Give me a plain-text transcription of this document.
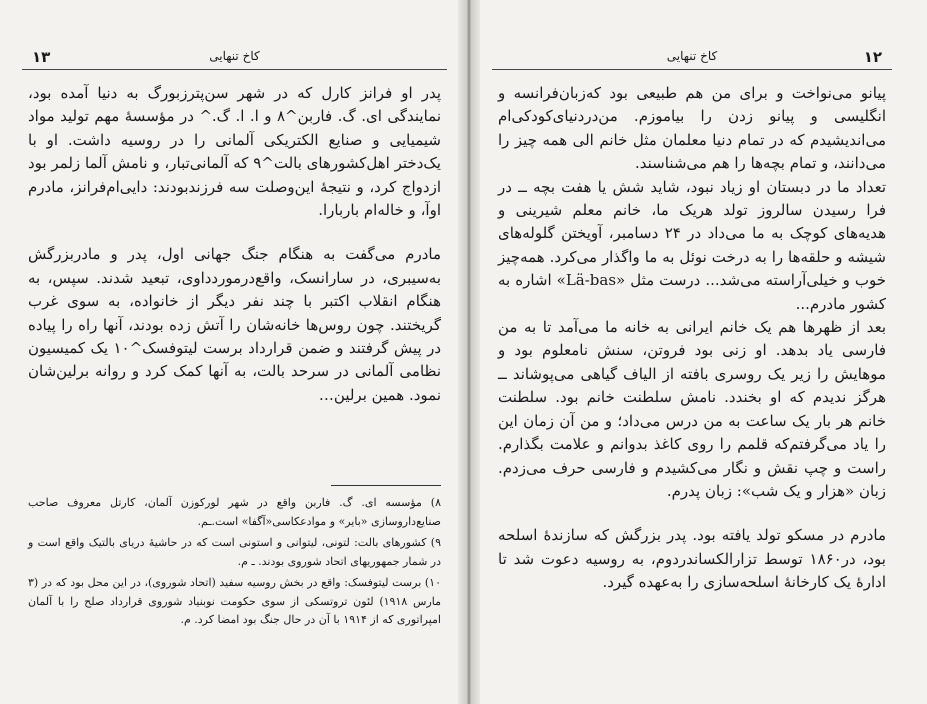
۱۳	کاخ تنهایی

پدر او فرانز کارل که در شهر سن‌پترزبورگ به دنیا آمده بود، نمایندگی ای. گ. فاربن^۸ و ا. ا. گ.^ در مؤسسهٔ مهم تولید مواد شیمیایی و صنایع الکتریکی آلمانی را در روسیه داشت. او با یک‌دختر اهل‌کشورهای بالت^۹ که آلمانی‌تبار، و نامش آلما زلمر بود ازدواج کرد، و نتیجهٔ این‌وصلت سه فرزندبودند: دایی‌ام‌فرانز، مادرم اوآ، و خاله‌ام باربارا.

مادرم می‌گفت به هنگام جنگ جهانی اول، پدر و مادربزرگش به‌سیبری، در سارانسک، واقع‌درموردداوی، تبعید شدند. سپس، به هنگام انقلاب اکتبر با چند نفر دیگر از خانواده، به سوی غرب گریختند. چون روس‌ها خانه‌شان را آتش زده بودند، آنها راه را پیاده در پیش گرفتند و ضمن قرارداد برست لیتوفسک^۱۰ یک کمیسیون نظامی آلمانی در سرحد بالت، به آنها کمک کرد و روانه برلین‌شان نمود. همین برلین…

۸) مؤسسه ای. گ. فاربن واقع در شهر لورکوزن آلمان، کارتل معروف صاحب صنایع‌داروسازی «بایر» و موادعکاسی«آگفا» است.ـم.

۹) کشورهای بالت: لتونی، لیتوانی و استونی است که در حاشیهٔ دریای بالتیک واقع است و در شمار جمهوریهای اتحاد شوروی بودند. ـ م.

۱۰) برست لیتوفسک: واقع در بخش روسیه سفید (اتحاد شوروی)، در این محل بود که در (۳ مارس ۱۹۱۸) لئون تروتسکی از سوی حکومت نوبنیاد شوروی قرارداد صلح را با آلمان امپراتوری که از ۱۹۱۴ با آن در حال جنگ بود امضا کرد. م.

۱۲
کاخ تنهایی

پیانو می‌نواخت و برای من هم طبیعی بود که‌زبان‌فرانسه و انگلیسی و پیانو زدن را بیاموزم. من‌دردنیای‌کودکی‌ام می‌اندیشیدم که در تمام دنیا معلمان مثل خانم الی همه چیز را می‌دانند، و تمام بچه‌ها را هم می‌شناسند.

تعداد ما در دبستان او زیاد نبود، شاید شش یا هفت بچه ــ در فرا رسیدن سالروز تولد هریک ما، خانم معلم شیرینی و هدیه‌های کوچک به ما می‌داد در ۲۴ دسامبر، آویختن گلوله‌های شیشه و حلقه‌ها را به درخت نوئل به ما واگذار می‌کرد. همه‌چیز خوب و خیلی‌آراسته می‌شد... درست مثل «Lä-bas» اشاره به کشور مادرم...

بعد از ظهرها هم یک خانم ایرانی به خانه ما می‌آمد تا به من فارسی یاد بدهد. او زنی بود فروتن، سنش نامعلوم بود و موهایش را زیر یک روسری بافته از الیاف گیاهی می‌پوشاند ــ هرگز ندیدم که او بخندد. نامش سلطنت خانم بود. سلطنت خانم هر بار یک ساعت به من درس می‌داد؛ و من آن زمان این را یاد می‌گرفتم‌که قلمم را روی کاغذ بدوانم و علامت بگذارم. راست و چپ نقش و نگار می‌کشیدم و فارسی حرف می‌زدم. زبان «هزار و یک شب»: زبان پدرم.

مادرم در مسکو تولد یافته بود. پدر بزرگش که سازندهٔ اسلحه بود، در۱۸۶۰ توسط تزارالکساندردوم، به روسیه دعوت شد تا ادارهٔ یک کارخانهٔ اسلحه‌سازی را به‌عهده گیرد.
